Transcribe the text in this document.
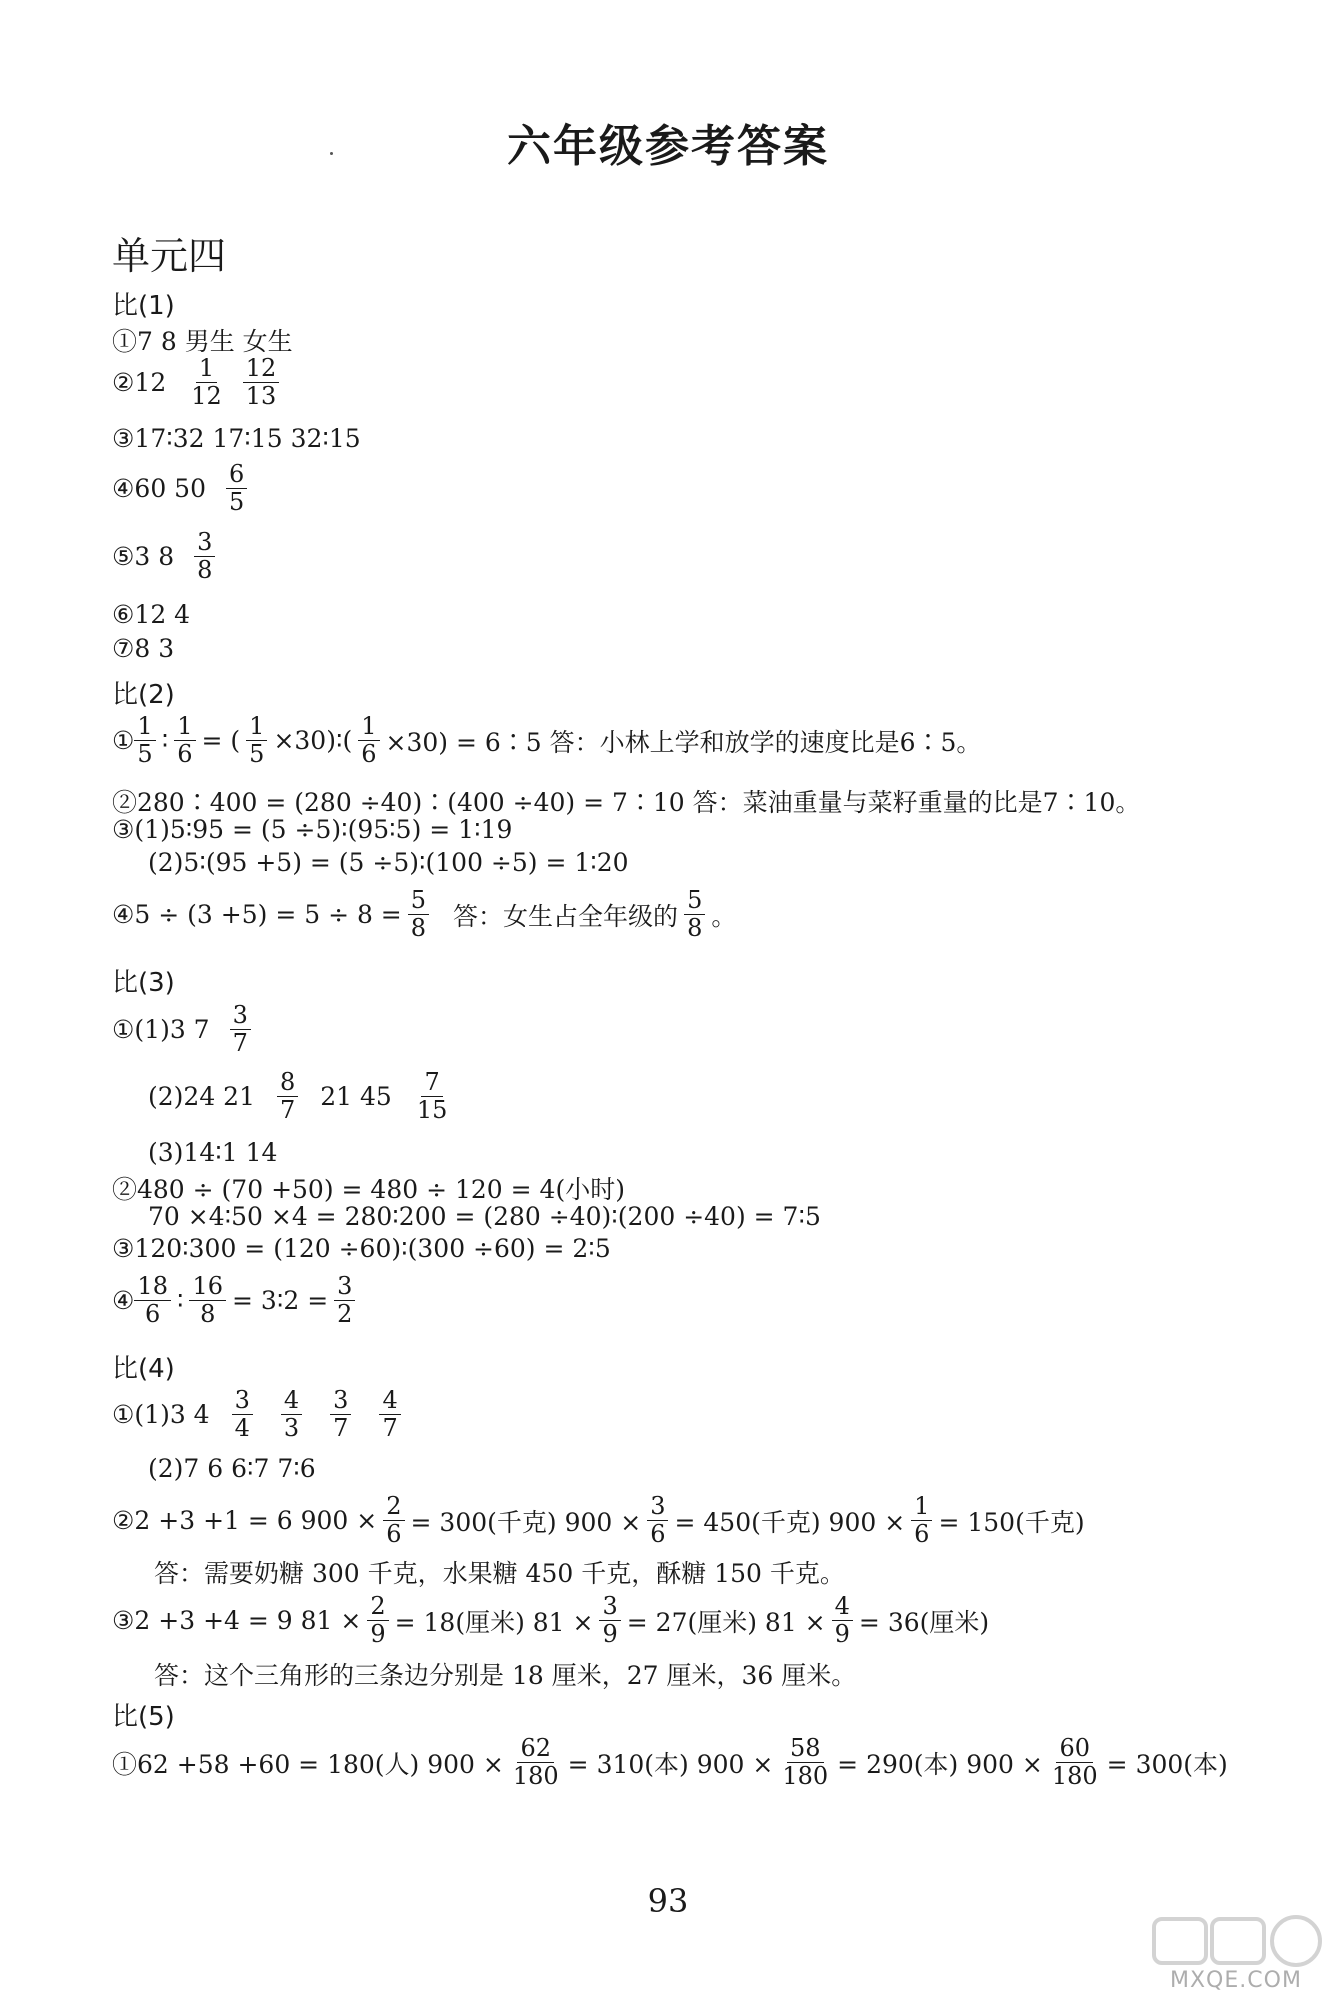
六年级参考答案
单元四
比(1)
①7 8 男生 女生
②12 $\frac{1}{12} \frac{12}{13}$
③17∶32 17∶15 32∶15
④60 $50 \frac{6}{5}$
⑤3 $8 \frac{3}{8}$
⑥12 4
⑦8 3
比(2)
① $\frac{1}{5}$ ∶ $\frac{1}{6}$ = ( $\frac{1}{5}$ ×30)∶( $\frac{1}{6} \times 30$) = 6∶5 答：小林上学和放学的速度比是6∶5。
②280∶400 = (280 ÷40)∶(400 ÷40) = 7∶10 答：菜油重量与菜籽重量的比是7∶10。
③(1)5∶95 = (5 ÷5)∶(95∶5) = 1∶19
(2)5∶(95 +5) = (5 ÷5)∶(100 ÷5) = 1∶20
④5 ÷ $(3 +5) = 5 \div 8 = \frac{5}{8}$ 答：女生占全年级的 $\frac{5}{8}$ 。
比(3)
①(1)3 $7 \frac{3}{7}$
(2)24 $21 \frac{8}{7} 21$ $45 \frac{7}{15}$
(3)14∶1 14
②480 ÷ (70 +50) = 480 ÷ 120 = 4(小时)
70 ×4∶50 ×4 = 280∶200 = (280 ÷40)∶(200 ÷40) = 7∶5
③120∶300 = (120 ÷60)∶(300 ÷60) = 2∶5
④ $\frac{18}{6}$ ∶ $\frac{16}{8}$ = 3∶2 = $\frac{3}{2}$
比(4)
①(1)3 $4 \frac{3}{4} \frac{4}{3} \frac{3}{7} \frac{4}{7}$
(2)7 6 6∶7 7∶6
②2 +3 +1 = 6 $900 \times \frac{2}{6} = 300$(千克) $900 \times \frac{3}{6} = 450$(千克) $900 \times \frac{1}{6} = 150$(千克)
答：需要奶糖 300 千克，水果糖 450 千克，酥糖 150 千克。
③2 +3 +4 = 9 $81 \times \frac{2}{9} = 18$(厘米) $81 \times \frac{3}{9} = 27$(厘米) $81 \times \frac{4}{9} = 36$(厘米)
答：这个三角形的三条边分别是 18 厘米，27 厘米，36 厘米。
比(5)
①62 +58 +60 = 180(人) $900 \times \frac{62}{180} = 310$(本) $900 \times \frac{58}{180} = 290$(本) $900 \times \frac{60}{180} = 300$(本)
93
MXQE.COM
